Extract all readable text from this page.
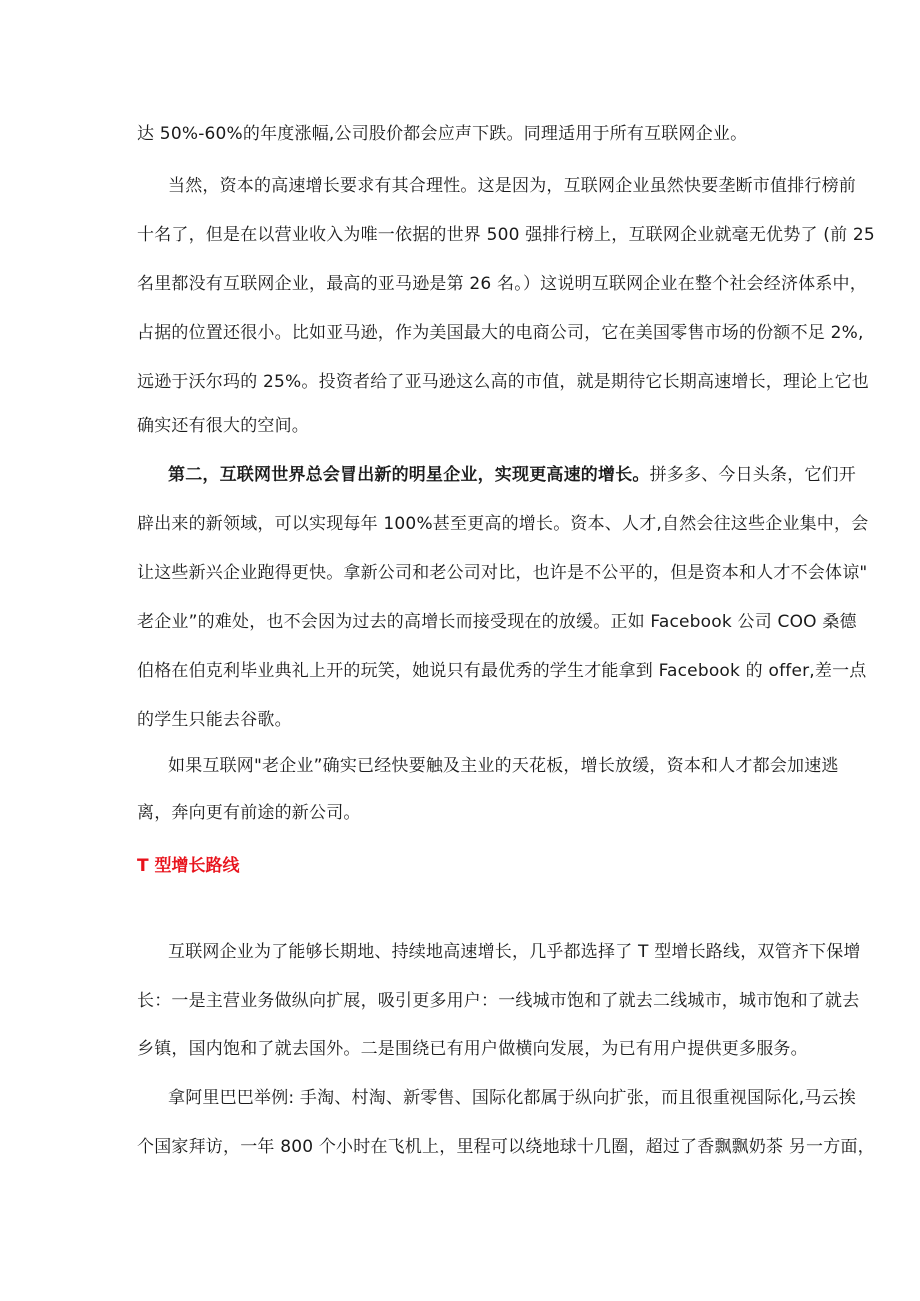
达 50%-60%的年度涨幅,公司股价都会应声下跌。同理适用于所有互联网企业。
当然，资本的高速增长要求有其合理性。这是因为，互联网企业虽然快要垄断市值排行榜前
十名了，但是在以营业收入为唯一依据的世界 500 强排行榜上，互联网企业就毫无优势了 (前 25
名里都没有互联网企业，最高的亚马逊是第 26 名。）这说明互联网企业在整个社会经济体系中，
占据的位置还很小。比如亚马逊，作为美国最大的电商公司，它在美国零售市场的份额不足 2%,
远逊于沃尔玛的 25%。投资者给了亚马逊这么高的市值，就是期待它长期高速增长，理论上它也
确实还有很大的空间。
第二，互联网世界总会冒出新的明星企业，实现更高速的增长。拼多多、今日头条，它们开
辟出来的新领域，可以实现每年 100%甚至更高的增长。资本、人才,自然会往这些企业集中，会
让这些新兴企业跑得更快。拿新公司和老公司对比，也许是不公平的，但是资本和人才不会体谅"
老企业”的难处，也不会因为过去的高增长而接受现在的放缓。正如 Facebook 公司 COO 桑德
伯格在伯克利毕业典礼上开的玩笑，她说只有最优秀的学生才能拿到 Facebook 的 offer,差一点
的学生只能去谷歌。
如果互联网"老企业”确实已经快要触及主业的天花板，增长放缓，资本和人才都会加速逃
离，奔向更有前途的新公司。
T 型增长路线
互联网企业为了能够长期地、持续地高速增长，几乎都选择了 T 型增长路线，双管齐下保增
长：一是主营业务做纵向扩展，吸引更多用户：一线城市饱和了就去二线城市，城市饱和了就去
乡镇，国内饱和了就去国外。二是围绕已有用户做横向发展，为已有用户提供更多服务。
拿阿里巴巴举例: 手淘、村淘、新零售、国际化都属于纵向扩张，而且很重视国际化,马云挨
个国家拜访，一年 800 个小时在飞机上，里程可以绕地球十几圈，超过了香飘飘奶茶 另一方面，
